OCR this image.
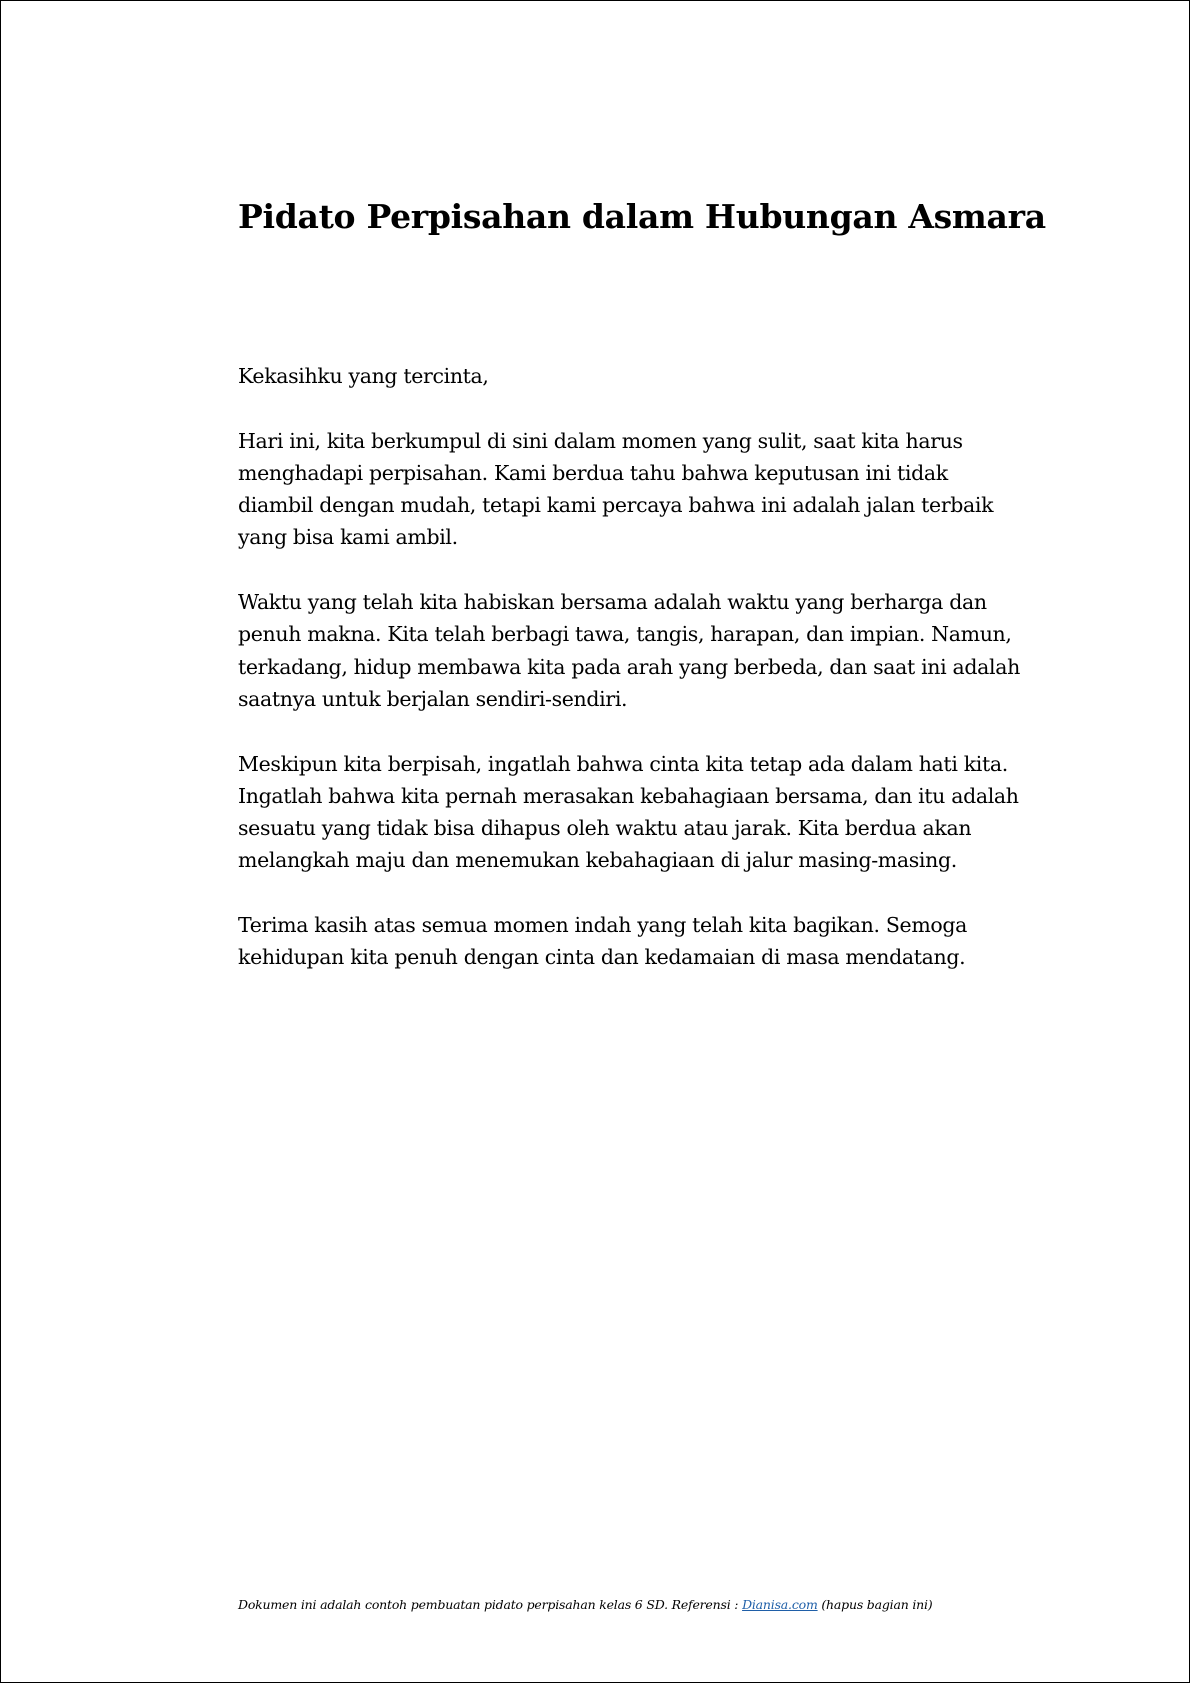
Pidato Perpisahan dalam Hubungan Asmara

Kekasihku yang tercinta,

Hari ini, kita berkumpul di sini dalam momen yang sulit, saat kita harus menghadapi perpisahan. Kami berdua tahu bahwa keputusan ini tidak diambil dengan mudah, tetapi kami percaya bahwa ini adalah jalan terbaik yang bisa kami ambil.

Waktu yang telah kita habiskan bersama adalah waktu yang berharga dan penuh makna. Kita telah berbagi tawa, tangis, harapan, dan impian. Namun, terkadang, hidup membawa kita pada arah yang berbeda, dan saat ini adalah saatnya untuk berjalan sendiri-sendiri.

Meskipun kita berpisah, ingatlah bahwa cinta kita tetap ada dalam hati kita. Ingatlah bahwa kita pernah merasakan kebahagiaan bersama, dan itu adalah sesuatu yang tidak bisa dihapus oleh waktu atau jarak. Kita berdua akan melangkah maju dan menemukan kebahagiaan di jalur masing-masing.

Terima kasih atas semua momen indah yang telah kita bagikan. Semoga kehidupan kita penuh dengan cinta dan kedamaian di masa mendatang.

Dokumen ini adalah contoh pembuatan pidato perpisahan kelas 6 SD. Referensi : Dianisa.com (hapus bagian ini)
